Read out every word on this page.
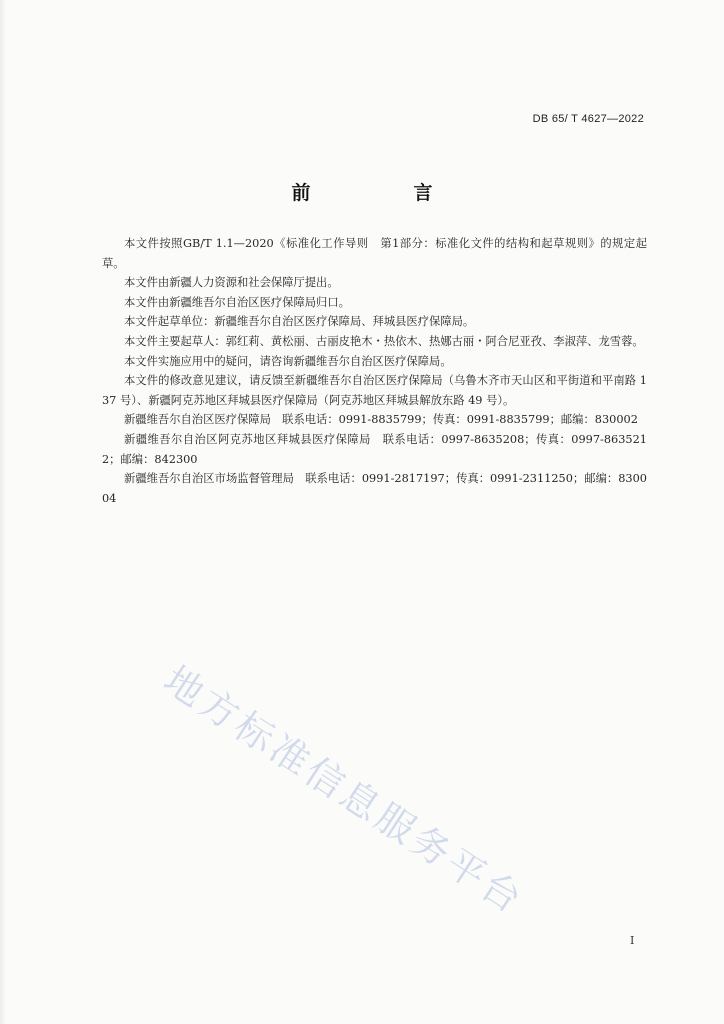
DB 65/ T 4627—2022
前　言

本文件按照GB/T 1.1—2020《标准化工作导则　第1部分：标准化文件的结构和起草规则》的规定起草。

本文件由新疆人力资源和社会保障厅提出。

本文件由新疆维吾尔自治区医疗保障局归口。

本文件起草单位：新疆维吾尔自治区医疗保障局、拜城县医疗保障局。

本文件主要起草人：郭红莉、黄松丽、古丽皮艳木・热依木、热娜古丽・阿合尼亚孜、李淑萍、龙雪蓉。

本文件实施应用中的疑问，请咨询新疆维吾尔自治区医疗保障局。

本文件的修改意见建议，请反馈至新疆维吾尔自治区医疗保障局（乌鲁木齐市天山区和平街道和平南路 137 号）、新疆阿克苏地区拜城县医疗保障局（阿克苏地区拜城县解放东路 49 号）。

新疆维吾尔自治区医疗保障局　联系电话：0991-8835799；传真：0991-8835799；邮编：830002

新疆维吾尔自治区阿克苏地区拜城县医疗保障局　联系电话：0997-8635208；传真：0997-8635212；邮编：842300

新疆维吾尔自治区市场监督管理局　联系电话：0991-2817197；传真：0991-2311250；邮编：830004

地方标准信息服务平台
I
